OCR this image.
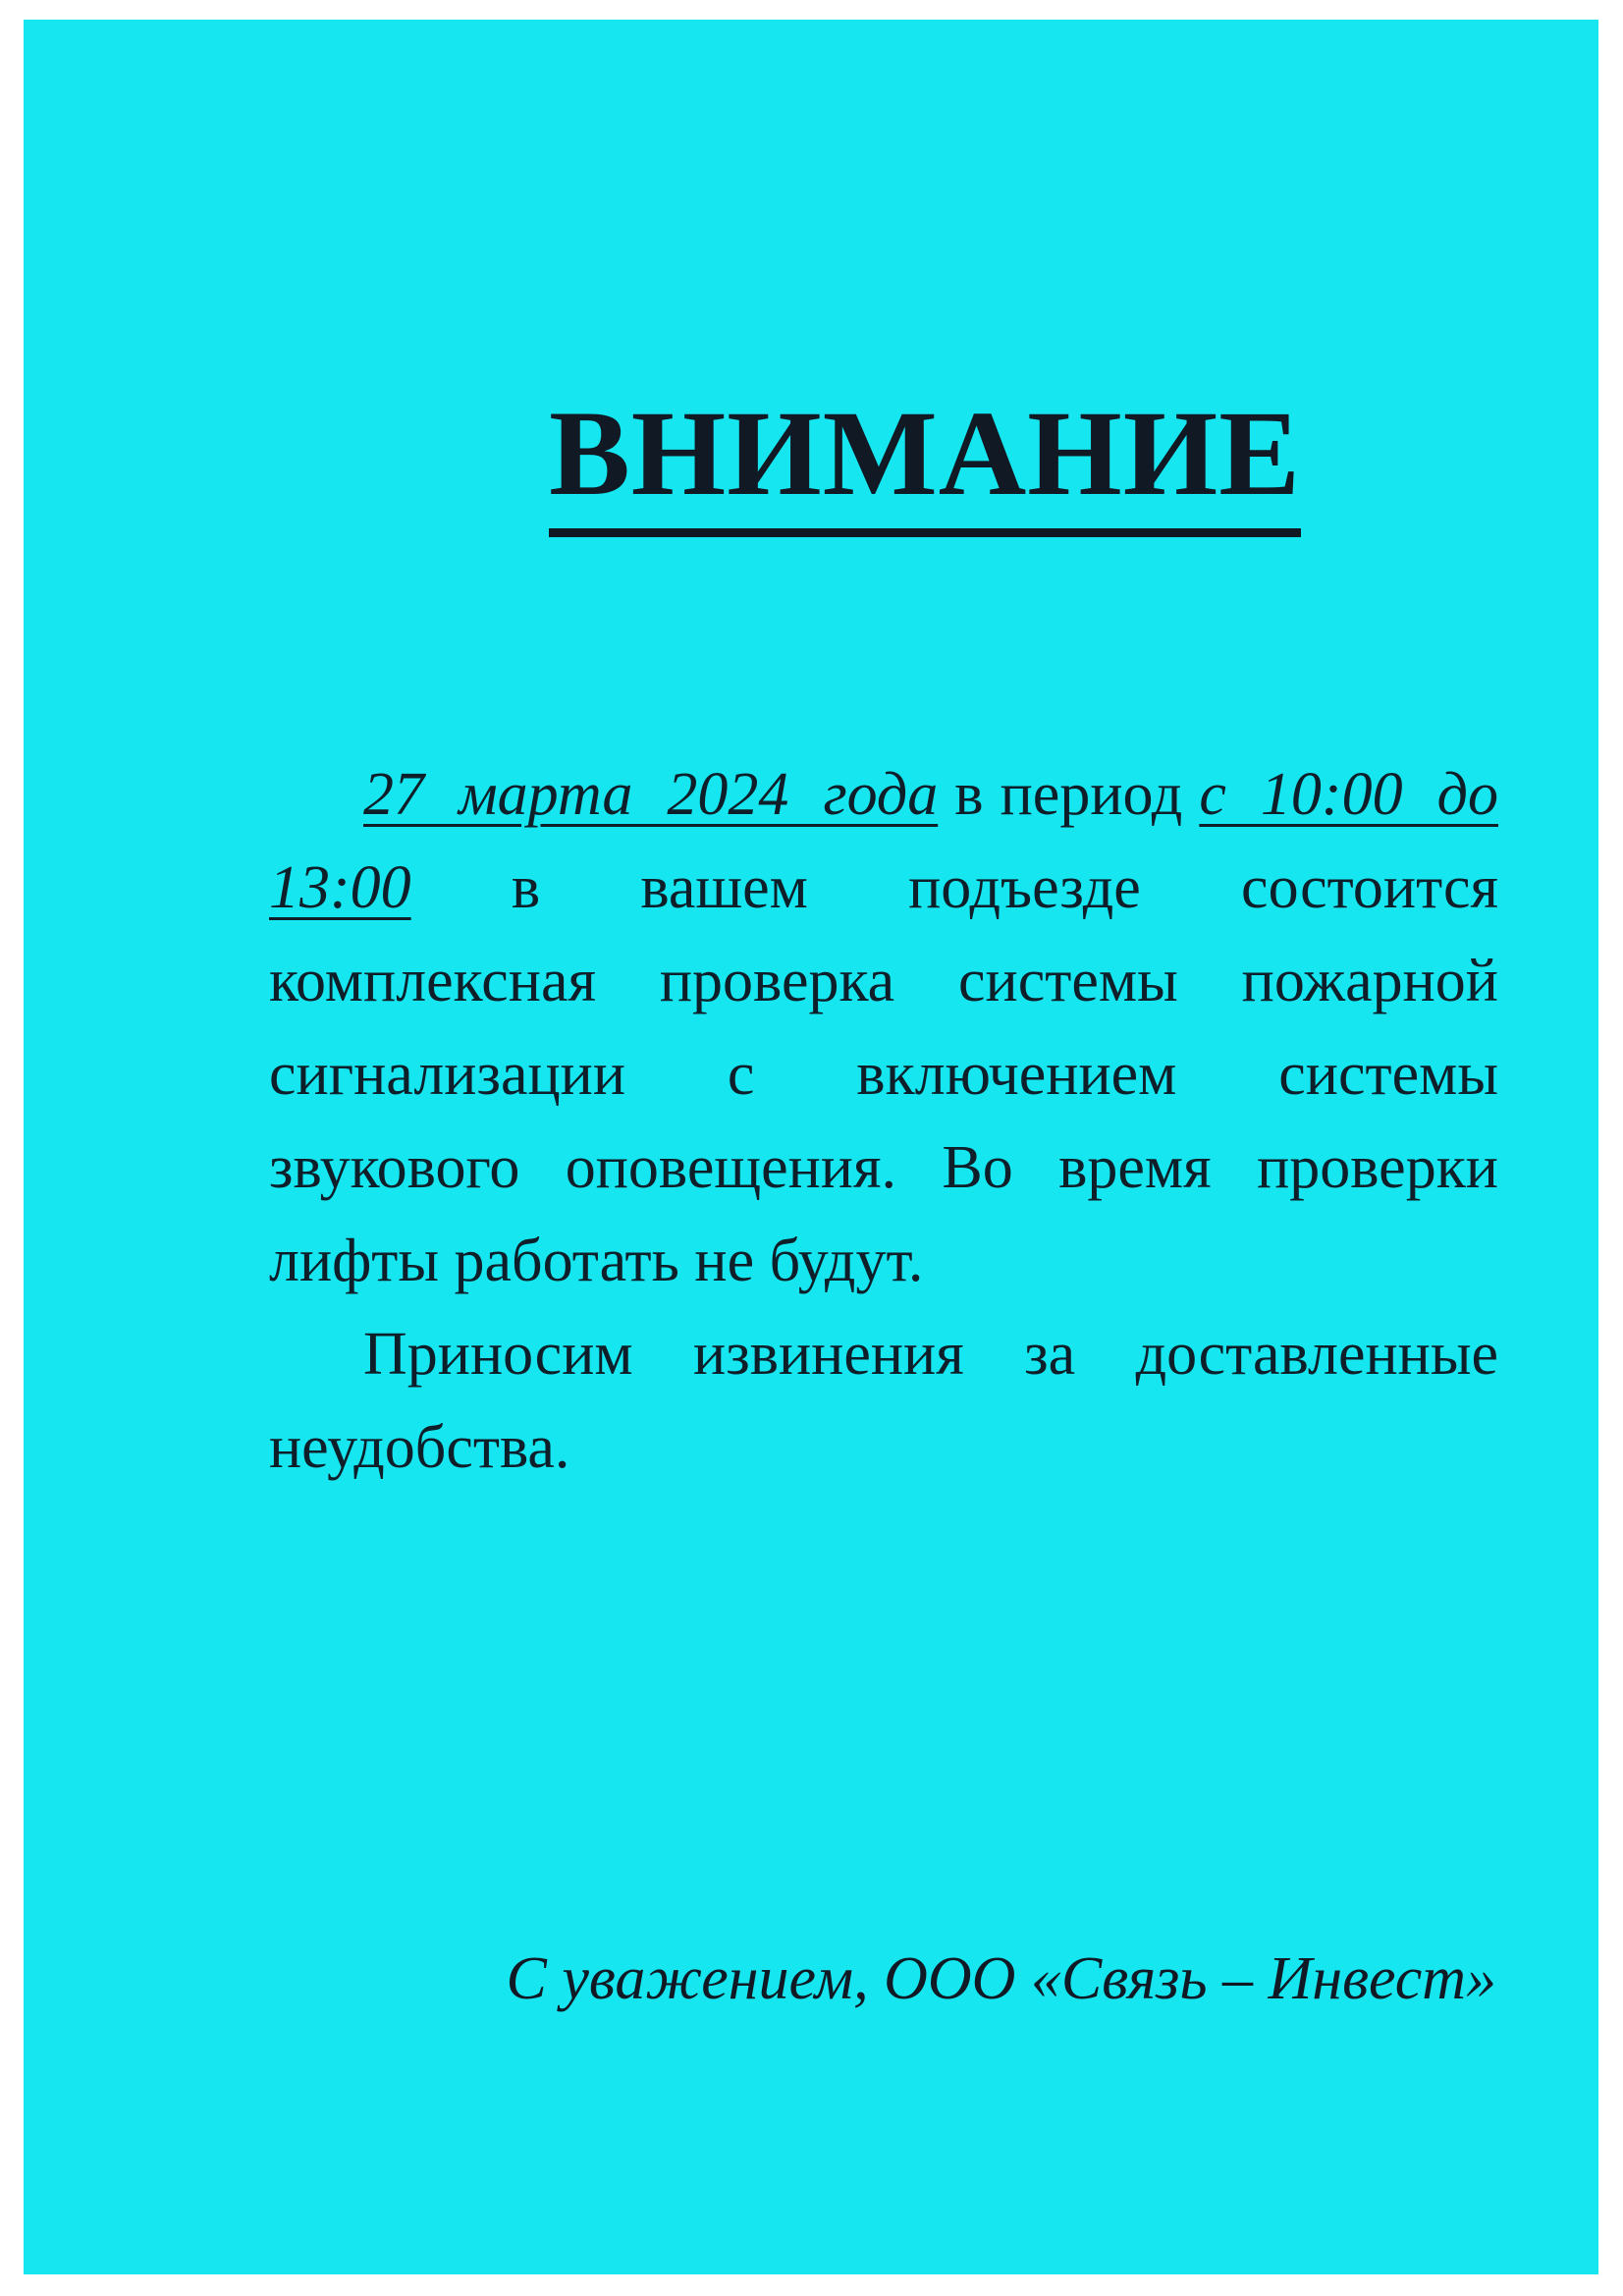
ВНИМАНИЕ

27 марта 2024 года в период с 10:00 до 13:00 в вашем подъезде состоится комплексная проверка системы пожарной сигнализации с включением системы звукового оповещения. Во время проверки лифты работать не будут.

Приносим извинения за доставленные неудобства.

С уважением, ООО «Связь – Инвест»
